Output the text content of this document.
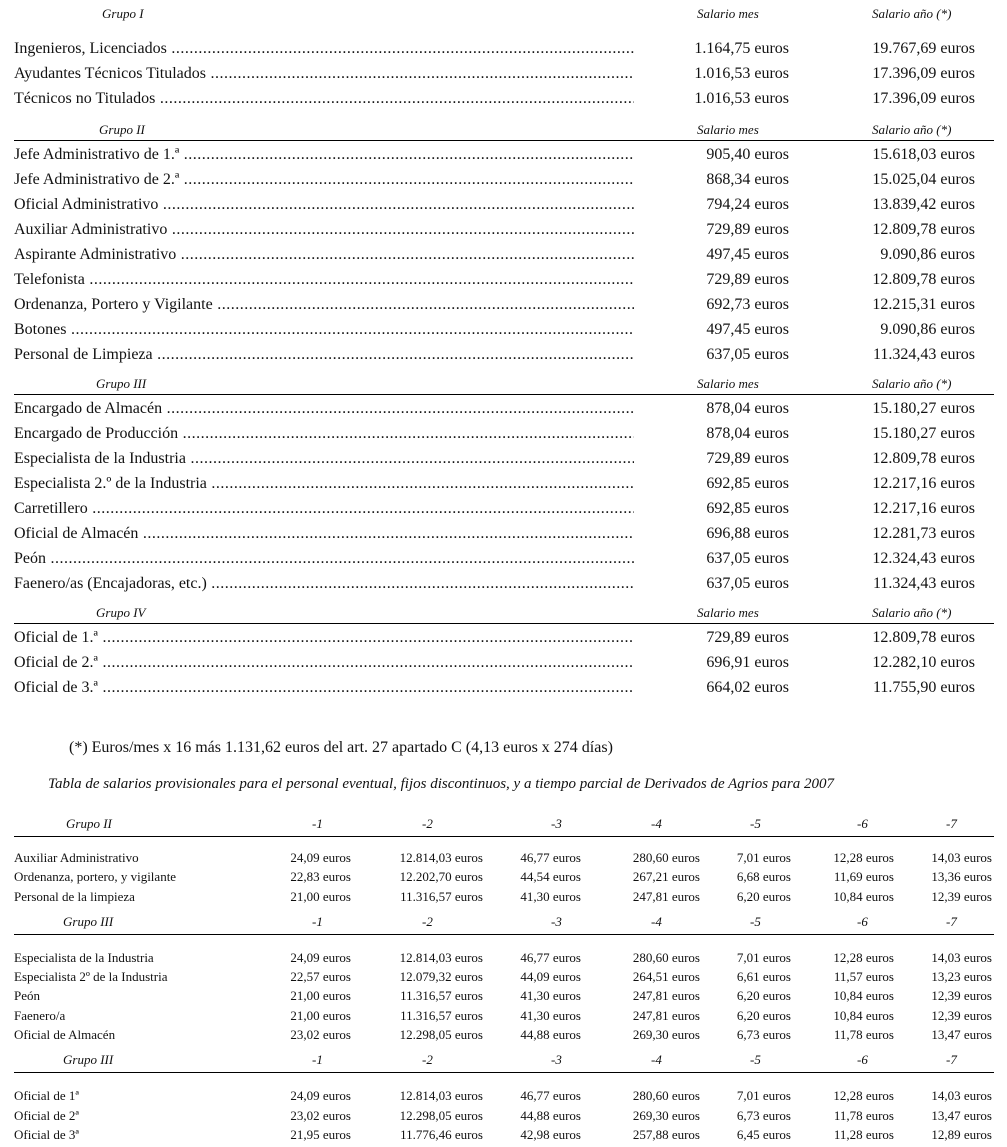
Grupo I	Salario mes	Salario año (*)
Ingenieros, Licenciados .....	1.164,75 euros	19.767,69 euros
Ayudantes Técnicos Titulados .....	1.016,53 euros	17.396,09 euros
Técnicos no Titulados .....	1.016,53 euros	17.396,09 euros
Grupo II	Salario mes	Salario año (*)
Jefe Administrativo de 1.ª .....	905,40 euros	15.618,03 euros
Jefe Administrativo de 2.ª .....	868,34 euros	15.025,04 euros
Oficial Administrativo .....	794,24 euros	13.839,42 euros
Auxiliar Administrativo .....	729,89 euros	12.809,78 euros
Aspirante Administrativo .....	497,45 euros	9.090,86 euros
Telefonista .....	729,89 euros	12.809,78 euros
Ordenanza, Portero y Vigilante .....	692,73 euros	12.215,31 euros
Botones .....	497,45 euros	9.090,86 euros
Personal de Limpieza .....	637,05 euros	11.324,43 euros
Grupo III	Salario mes	Salario año (*)
Encargado de Almacén .....	878,04 euros	15.180,27 euros
Encargado de Producción .....	878,04 euros	15.180,27 euros
Especialista de la Industria .....	729,89 euros	12.809,78 euros
Especialista 2.º de la Industria .....	692,85 euros	12.217,16 euros
Carretillero .....	692,85 euros	12.217,16 euros
Oficial de Almacén .....	696,88 euros	12.281,73 euros
Peón .....	637,05 euros	12.324,43 euros
Faenero/as (Encajadoras, etc.) .....	637,05 euros	11.324,43 euros
Grupo IV	Salario mes	Salario año (*)
Oficial de 1.ª .....	729,89 euros	12.809,78 euros
Oficial de 2.ª .....	696,91 euros	12.282,10 euros
Oficial de 3.ª .....	664,02 euros	11.755,90 euros
(*) Euros/mes x 16 más 1.131,62 euros del art. 27 apartado C (4,13 euros x 274 días)
Tabla de salarios provisionales para el personal eventual, fijos discontinuos, y a tiempo parcial de Derivados de Agrios para 2007
Grupo II	-1	-2	-3	-4	-5	-6	-7
Auxiliar Administrativo	24,09 euros	12.814,03 euros	46,77 euros	280,60 euros	7,01 euros	12,28 euros	14,03 euros
Ordenanza, portero, y vigilante	22,83 euros	12.202,70 euros	44,54 euros	267,21 euros	6,68 euros	11,69 euros	13,36 euros
Personal de la limpieza	21,00 euros	11.316,57 euros	41,30 euros	247,81 euros	6,20 euros	10,84 euros	12,39 euros
Grupo III	-1	-2	-3	-4	-5	-6	-7
Especialista de la Industria	24,09 euros	12.814,03 euros	46,77 euros	280,60 euros	7,01 euros	12,28 euros	14,03 euros
Especialista 2º de la Industria	22,57 euros	12.079,32 euros	44,09 euros	264,51 euros	6,61 euros	11,57 euros	13,23 euros
Peón	21,00 euros	11.316,57 euros	41,30 euros	247,81 euros	6,20 euros	10,84 euros	12,39 euros
Faenero/a	21,00 euros	11.316,57 euros	41,30 euros	247,81 euros	6,20 euros	10,84 euros	12,39 euros
Oficial de Almacén	23,02 euros	12.298,05 euros	44,88 euros	269,30 euros	6,73 euros	11,78 euros	13,47 euros
Grupo III	-1	-2	-3	-4	-5	-6	-7
Oficial de 1ª	24,09 euros	12.814,03 euros	46,77 euros	280,60 euros	7,01 euros	12,28 euros	14,03 euros
Oficial de 2ª	23,02 euros	12.298,05 euros	44,88 euros	269,30 euros	6,73 euros	11,78 euros	13,47 euros
Oficial de 3ª	21,95 euros	11.776,46 euros	42,98 euros	257,88 euros	6,45 euros	11,28 euros	12,89 euros
